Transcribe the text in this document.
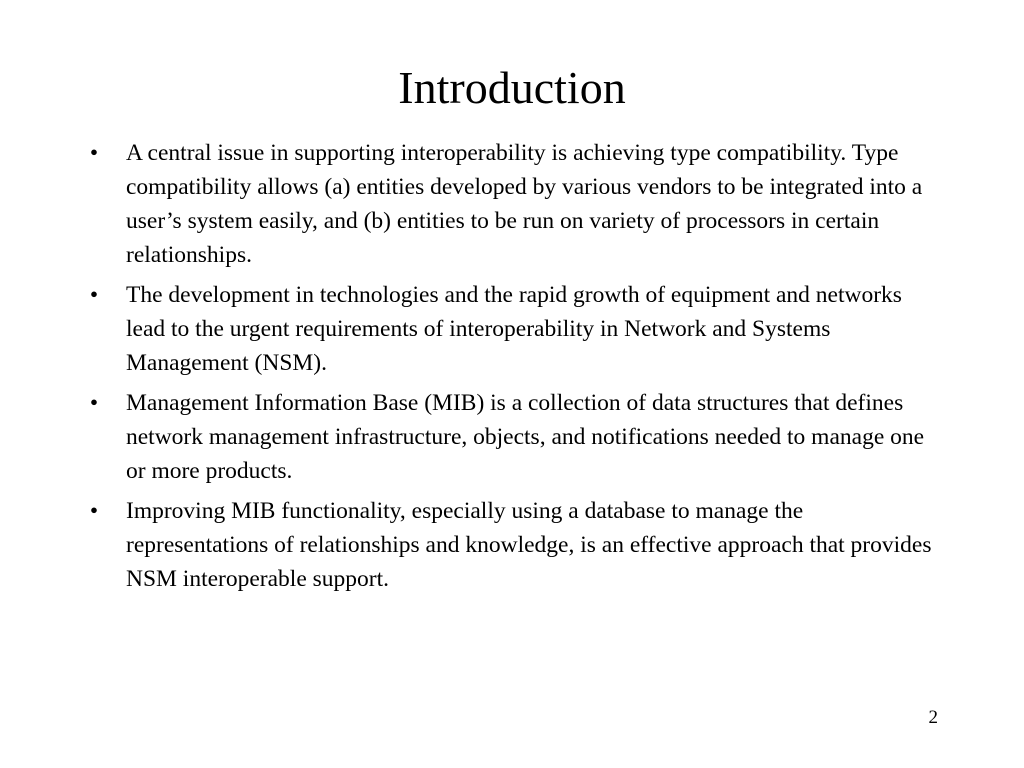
Introduction
•	A central issue in supporting interoperability is achieving type compatibility. Type compatibility allows (a) entities developed by various vendors to be integrated into a user’s system easily, and (b) entities to be run on variety of processors in certain relationships.
•	The development in technologies and the rapid growth of equipment and networks lead to the urgent requirements of interoperability in Network and Systems Management (NSM).
•	Management Information Base (MIB) is a collection of data structures that defines network management infrastructure, objects, and notifications needed to manage one or more products.
•	Improving MIB functionality, especially using a database to manage the representations of relationships and knowledge, is an effective approach that provides NSM interoperable support.
2
